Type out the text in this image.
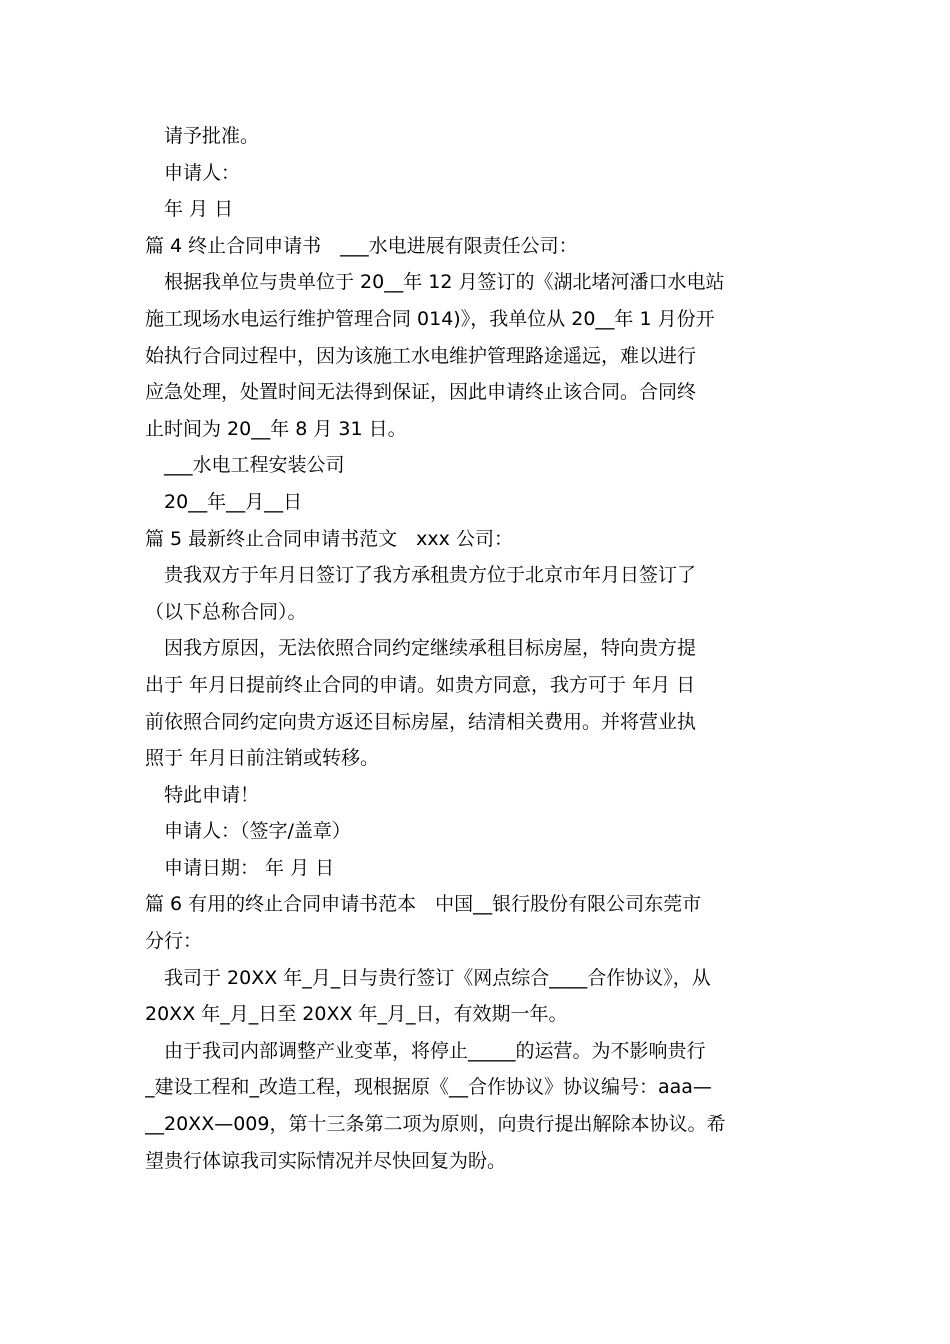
请予批准。

申请人：

年 月 日

篇 4 终止合同申请书　___水电进展有限责任公司：

根据我单位与贵单位于 20__年 12 月签订的《湖北堵河潘口水电站

施工现场水电运行维护管理合同 014)》，我单位从 20__年 1 月份开

始执行合同过程中，因为该施工水电维护管理路途遥远，难以进行

应急处理，处置时间无法得到保证，因此申请终止该合同。合同终

止时间为 20__年 8 月 31 日。

___水电工程安装公司

20__年__月__日

篇 5 最新终止合同申请书范文　xxx 公司：

贵我双方于年月日签订了我方承租贵方位于北京市年月日签订了

（以下总称合同）。

因我方原因，无法依照合同约定继续承租目标房屋，特向贵方提

出于 年月日提前终止合同的申请。如贵方同意，我方可于 年月 日

前依照合同约定向贵方返还目标房屋，结清相关费用。并将营业执

照于 年月日前注销或转移。

特此申请！

申请人：（签字/盖章）

申请日期： 年 月 日

篇 6 有用的终止合同申请书范本　中国__银行股份有限公司东莞市

分行：

我司于 20XX 年_月_日与贵行签订《网点综合____合作协议》，从

20XX 年_月_日至 20XX 年_月_日，有效期一年。

由于我司内部调整产业变革，将停止_____的运营。为不影响贵行

_建设工程和_改造工程，现根据原《__合作协议》协议编号：aaa—

__20XX—009，第十三条第二项为原则，向贵行提出解除本协议。希

望贵行体谅我司实际情况并尽快回复为盼。
